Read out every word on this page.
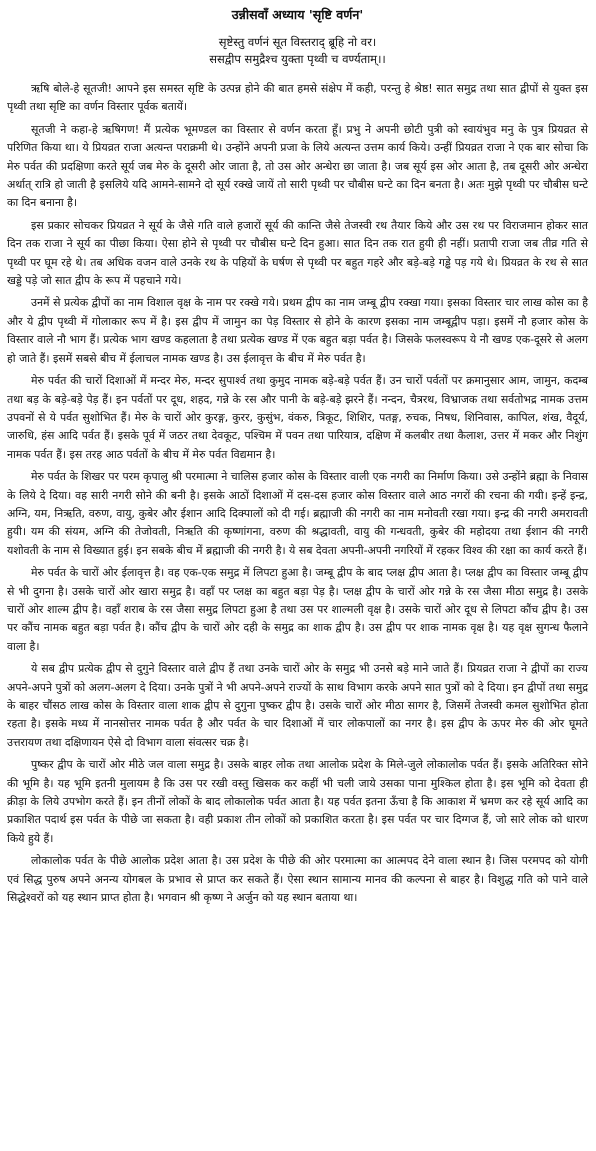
उन्नीसवाँ अध्याय 'सृष्टि वर्णन'
सृष्टेस्तु वर्णनं सूत विस्तराद् ब्रूहि नो वर।
ससद्वीप समुद्रैश्च युक्ता पृथ्वी च वर्ण्यताम्।।

ऋषि बोले-हे सूतजी! आपने इस समस्त सृष्टि के उत्पन्न होने की बात हमसे संक्षेप में कही, परन्तु हे श्रेष्ठ! सात समुद्र तथा सात द्वीपों से युक्त इस पृथ्वी तथा सृष्टि का वर्णन विस्तार पूर्वक बतायें।

सूतजी ने कहा-हे ऋषिगण! मैं प्रत्येक भूमण्डल का विस्तार से वर्णन करता हूँ। प्रभु ने अपनी छोटी पुत्री को स्वायंभुव मनु के पुत्र प्रियव्रत से परिणित किया था। ये प्रियव्रत राजा अत्यन्त पराक्रमी थे। उन्होंने अपनी प्रजा के लिये अत्यन्त उत्तम कार्य किये। उन्हीं प्रियव्रत राजा ने एक बार सोचा कि मेरु पर्वत की प्रदक्षिणा करते सूर्य जब मेरु के दूसरी ओर जाता है, तो उस ओर अन्धेरा छा जाता है। जब सूर्य इस ओर आता है, तब दूसरी ओर अन्धेरा अर्थात् रात्रि हो जाती है इसलिये यदि आमने-सामने दो सूर्य रक्खे जायें तो सारी पृथ्वी पर चौबीस घन्टे का दिन बनता है। अतः मुझे पृथ्वी पर चौबीस घन्टे का दिन बनाना है।

इस प्रकार सोचकर प्रियव्रत ने सूर्य के जैसे गति वाले हजारों सूर्य की कान्ति जैसे तेजस्वी रथ तैयार किये और उस रथ पर विराजमान होकर सात दिन तक राजा ने सूर्य का पीछा किया। ऐसा होने से पृथ्वी पर चौबीस घन्टे दिन हुआ। सात दिन तक रात हुयी ही नहीं। प्रतापी राजा जब तीव्र गति से पृथ्वी पर घूम रहे थे। तब अधिक वजन वाले उनके रथ के पहियों के घर्षण से पृथ्वी पर बहुत गहरे और बड़े-बड़े गड्ढे पड़ गये थे। प्रियव्रत के रथ से सात खड्डे पड़े जो सात द्वीप के रूप में पहचाने गये।

उनमें से प्रत्येक द्वीपों का नाम विशाल वृक्ष के नाम पर रक्खे गये। प्रथम द्वीप का नाम जम्बू द्वीप रक्खा गया। इसका विस्तार चार लाख कोस का है और ये द्वीप पृथ्वी में गोलाकार रूप में है। इस द्वीप में जामुन का पेड़ विस्तार से होने के कारण इसका नाम जम्बूद्वीप पड़ा। इसमें नौ हजार कोस के विस्तार वाले नौ भाग हैं। प्रत्येक भाग खण्ड कहलाता है तथा प्रत्येक खण्ड में एक बहुत बड़ा पर्वत है। जिसके फलस्वरूप ये नौ खण्ड एक-दूसरे से अलग हो जाते हैं। इसमें सबसे बीच में ईलाचल नामक खण्ड है। उस ईलावृत्त के बीच में मेरु पर्वत है।

मेरु पर्वत की चारों दिशाओं में मन्दर मेरु, मन्दर सुपार्श्व तथा कुमुद नामक बड़े-बड़े पर्वत हैं। उन चारों पर्वतों पर क्रमानुसार आम, जामुन, कदम्ब तथा बड़ के बड़े-बड़े पेड़ हैं। इन पर्वतों पर दूध, शहद, गन्ने के रस और पानी के बड़े-बड़े झरने हैं। नन्दन, चैत्ररथ, विभ्राजक तथा सर्वतोभद्र नामक उत्तम उपवनों से ये पर्वत सुशोभित हैं। मेरु के चारों ओर कुरङ्ग, कुरर, कुसुंभ, वंकरु, त्रिकूट, शिशिर, पतङ्ग, रुचक, निषध, शिनिवास, कापिल, शंख, वैदूर्य, जारुधि, हंस आदि पर्वत हैं। इसके पूर्व में जठर तथा देवकूट, पश्चिम में पवन तथा पारियात्र, दक्षिण में कलबीर तथा कैलाश, उत्तर में मकर और निशुंग नामक पर्वत हैं। इस तरह आठ पर्वतों के बीच में मेरु पर्वत विद्यमान है।

मेरु पर्वत के शिखर पर परम कृपालु श्री परमात्मा ने चालिस हजार कोस के विस्तार वाली एक नगरी का निर्माण किया। उसे उन्होंने ब्रह्मा के निवास के लिये दे दिया। वह सारी नगरी सोने की बनी है। इसके आठों दिशाओं में दस-दस हजार कोस विस्तार वाले आठ नगरों की रचना की गयी। इन्हें इन्द्र, अग्नि, यम, निऋति, वरुण, वायु, कुबेर और ईशान आदि दिक्पालों को दी गई। ब्रह्माजी की नगरी का नाम मनोवती रखा गया। इन्द्र की नगरी अमरावती हुयी। यम की संयम, अग्नि की तेजोवती, निऋति की कृष्णांगना, वरुण की श्रद्धावती, वायु की गन्धवती, कुबेर की महोदया तथा ईशान की नगरी यशोवती के नाम से विख्यात हुई। इन सबके बीच में ब्रह्माजी की नगरी है। ये सब देवता अपनी-अपनी नगरियों में रहकर विश्व की रक्षा का कार्य करते हैं।

मेरु पर्वत के चारों ओर ईलावृत्त है। वह एक-एक समुद्र में लिपटा हुआ है। जम्बू द्वीप के बाद प्लक्ष द्वीप आता है। प्लक्ष द्वीप का विस्तार जम्बू द्वीप से भी दुगना है। उसके चारों ओर खारा समुद्र है। वहाँ पर प्लक्ष का बहुत बड़ा पेड़ है। प्लक्ष द्वीप के चारों ओर गन्ने के रस जैसा मीठा समुद्र है। उसके चारों ओर शाल्म द्वीप है। वहाँ शराब के रस जैसा समुद्र लिपटा हुआ है तथा उस पर शाल्मली वृक्ष है। उसके चारों ओर दूध से लिपटा कौंच द्वीप है। उस पर कौंच नामक बहुत बड़ा पर्वत है। कौंच द्वीप के चारों ओर दही के समुद्र का शाक द्वीप है। उस द्वीप पर शाक नामक वृक्ष है। यह वृक्ष सुगन्ध फैलाने वाला है।

ये सब द्वीप प्रत्येक द्वीप से दुगुने विस्तार वाले द्वीप हैं तथा उनके चारों ओर के समुद्र भी उनसे बड़े माने जाते हैं। प्रियव्रत राजा ने द्वीपों का राज्य अपने-अपने पुत्रों को अलग-अलग दे दिया। उनके पुत्रों ने भी अपने-अपने राज्यों के साथ विभाग करके अपने सात पुत्रों को दे दिया। इन द्वीपों तथा समुद्र के बाहर चौंसठ लाख कोस के विस्तार वाला शाक द्वीप से दुगुना पुष्कर द्वीप है। उसके चारों ओर मीठा सागर है, जिसमें तेजस्वी कमल सुशोभित होता रहता है। इसके मध्य में नानसोत्तर नामक पर्वत है और पर्वत के चार दिशाओं में चार लोकपालों का नगर है। इस द्वीप के ऊपर मेरु की ओर घूमते उत्तरायण तथा दक्षिणायन ऐसे दो विभाग वाला संवत्सर चक्र है।

पुष्कर द्वीप के चारों ओर मीठे जल वाला समुद्र है। उसके बाहर लोक तथा आलोक प्रदेश के मिले-जुले लोकालोक पर्वत हैं। इसके अतिरिक्त सोने की भूमि है। यह भूमि इतनी मुलायम है कि उस पर रखी वस्तु खिसक कर कहीं भी चली जाये उसका पाना मुश्किल होता है। इस भूमि को देवता ही क्रीड़ा के लिये उपभोग करते हैं। इन तीनों लोकों के बाद लोकालोक पर्वत आता है। यह पर्वत इतना ऊँचा है कि आकाश में भ्रमण कर रहे सूर्य आदि का प्रकाशित पदार्थ इस पर्वत के पीछे जा सकता है। वही प्रकाश तीन लोकों को प्रकाशित करता है। इस पर्वत पर चार दिग्गज हैं, जो सारे लोक को धारण किये हुये हैं।

लोकालोक पर्वत के पीछे आलोक प्रदेश आता है। उस प्रदेश के पीछे की ओर परमात्मा का आत्मपद देने वाला स्थान है। जिस परमपद को योगी एवं सिद्ध पुरुष अपने अनन्य योगबल के प्रभाव से प्राप्त कर सकते हैं। ऐसा स्थान सामान्य मानव की कल्पना से बाहर है। विशुद्ध गति को पाने वाले सिद्धेश्वरों को यह स्थान प्राप्त होता है। भगवान श्री कृष्ण ने अर्जुन को यह स्थान बताया था।
